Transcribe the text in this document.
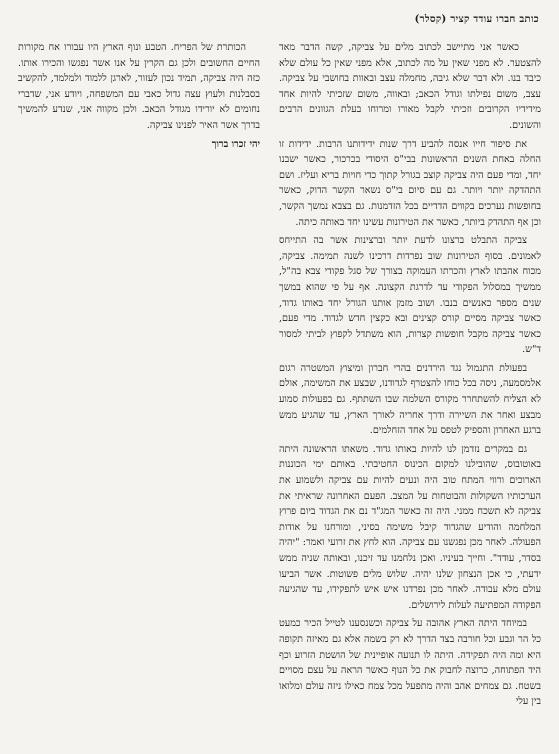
כותב חברו עודד קציר (קסלר)

כאשר אני מתיישב לכתוב מלים על צביקה, קשה הדבר מאד להצטער. לא מפני שאין על מה לכתוב, אלא מפני שאין כל עולם שלא כיבד בנו. ולא דבר שלא גיבה, מחמלה עצב ובאוות בחושבי על צביקה. עצב, משום נפילתו וגודל הכאב; ובאווה, משום שזכיתי להיות אחד מידידיו הקרובים וזכיתי לקבל מאורו ומרוחו בעלת הגוונים הרבים והשונים.

את סיפור חייו אנסה להביע דרך שנות ידידותנו הרבות. ידידות זו החלה באחת השנים הראשונות בבי"ס היסודי בכרכור, כאשר ישבנו יחד, ומדי פעם היה צביקה קוצב בגורל קתוך כדי חויות בריא ועליז. ושם התהדקה יותר ויותר. גם עם סיום בי"ס נשאר הקשר הדוק, כאשר בחופשות נערכים בקווים הדדיים בכל הזדמנות. גם בצבא נמשך הקשר, וכן אף התהדק ביותר, כאשר את הטירונות עשינו יחד באותה כיתה.

צביקה התבלט ברצונו לדעת יותר וברצינות אשר בה התייחס לאמונים. בסוף הטירונות שוב נפרדות דרכינו לשנה תמימה. צביקה, מכוח אהבתו לארץ והכרתו העמוקה בצורך של סגל פקודי צבא בה"ל, ממשיך במסלול הפקודי עד לדרגת הקצונה. אף על פי שהוא במשך שנים מספר כאנשים בנבו. ושוב מזמן אותנו הגורל יחד באותו גדוד, כאשר צביקה מסיים קורס קצינים ובא כקצין חדש לגדוד. מדי פעם, כאשר צביקה מקבל חופשות קצרות, הוא משתדל לקפוץ לביתי למסור ד"ש.

בפעולת התגמול נגד הירדנים בהרי חברון ומיצוץ המשטרה רגום אלמסמעה, ניסה בכל כוחו להצטרף לגדודנו, שבצע את המשימה, אולם לא הצליח להשתחרר מקורס השלמה שבו השתתף. גם בפעולות סמוע מבצע ואחר את השיירה ודרך אחריה לאורך הארץ, עד שהגיע ממש ברגע האחרון והספיק לטפס על אחד הזחלמים.

גם במקרים נזדמן לנו להיות באותו גדוד. משאתו הראשונה היתה באוטובוס, שהובילנו למקום הכינוס החטיבתי. באותם ימי הכוננות הארוכים ורווי המתח טוב היה ונעים להיות עם צביקה ולשמוע את הערכותיו השקולות והבוטחות על המצב. הפעם האחרונה שראיתי את צביקה לא תשכח ממני. היה זה כאשר המג"ד נם את הגדוד ביום פרוץ המלחמה והודיע שהגדוד קיבל משימה בסיני, ומורחנו על אודות הפעולה. לאחר מכן נפגשנו עם צביקה. הוא לחץ את זרועי ואמר: "יהיה בסדר, עודד". וחייך בעיניו. ואכן נלחמנו עד זיכנו, ובאותה שניה ממש ידעתי, כי אכן הנצחון שלנו יהיה. שלוש מלים פשוטות. אשר הביעו עולם מלא עבודה. לאחר מכן נפרדנו איש איש לתפקידו, עד שהגיעה הפקודה המפתיעה לעלות לירושלים.

במיוחד היתה הארץ אהובה על צביקה וכשנסענו לטייל הכיר כמעט כל הר וגבע וכל חורבה בצד הדרך לא רק בשמה אלא גם מאיזה תקופה היא ומה היה תפקידה. היתה לו תנועה אופיינית של הושטת הזרוע וכף היד הפתוחה, כרוצה לחבוק את כל הנוף כאשר הראה על עצם מסויים בשטח. גם צמחים אהב והיה מתפעל מכל צמח כאילו ניזה עולם ומלואו בין עלי

הכותרת של הפריח. הטבע ונוף הארץ היו עבורו אח מקורות החיים החשובים ולכן גם הקרין על אנו אשר נפגשו והכירו אותו. כזה היה צביקה, תמיד נכון לעזור, לארגן ללמוד ולמלמד, להקשיב בסבלנות ולעוץ עצה גדול כאבי עם המשפחה, ויודע אני, שדברי נחומים לא יורידו מגודל הכאב. ולכן מקווה אני, שנדע להמשיך בדרך אשר האיר לפנינו צביקה.

יהי זכרו ברוך
